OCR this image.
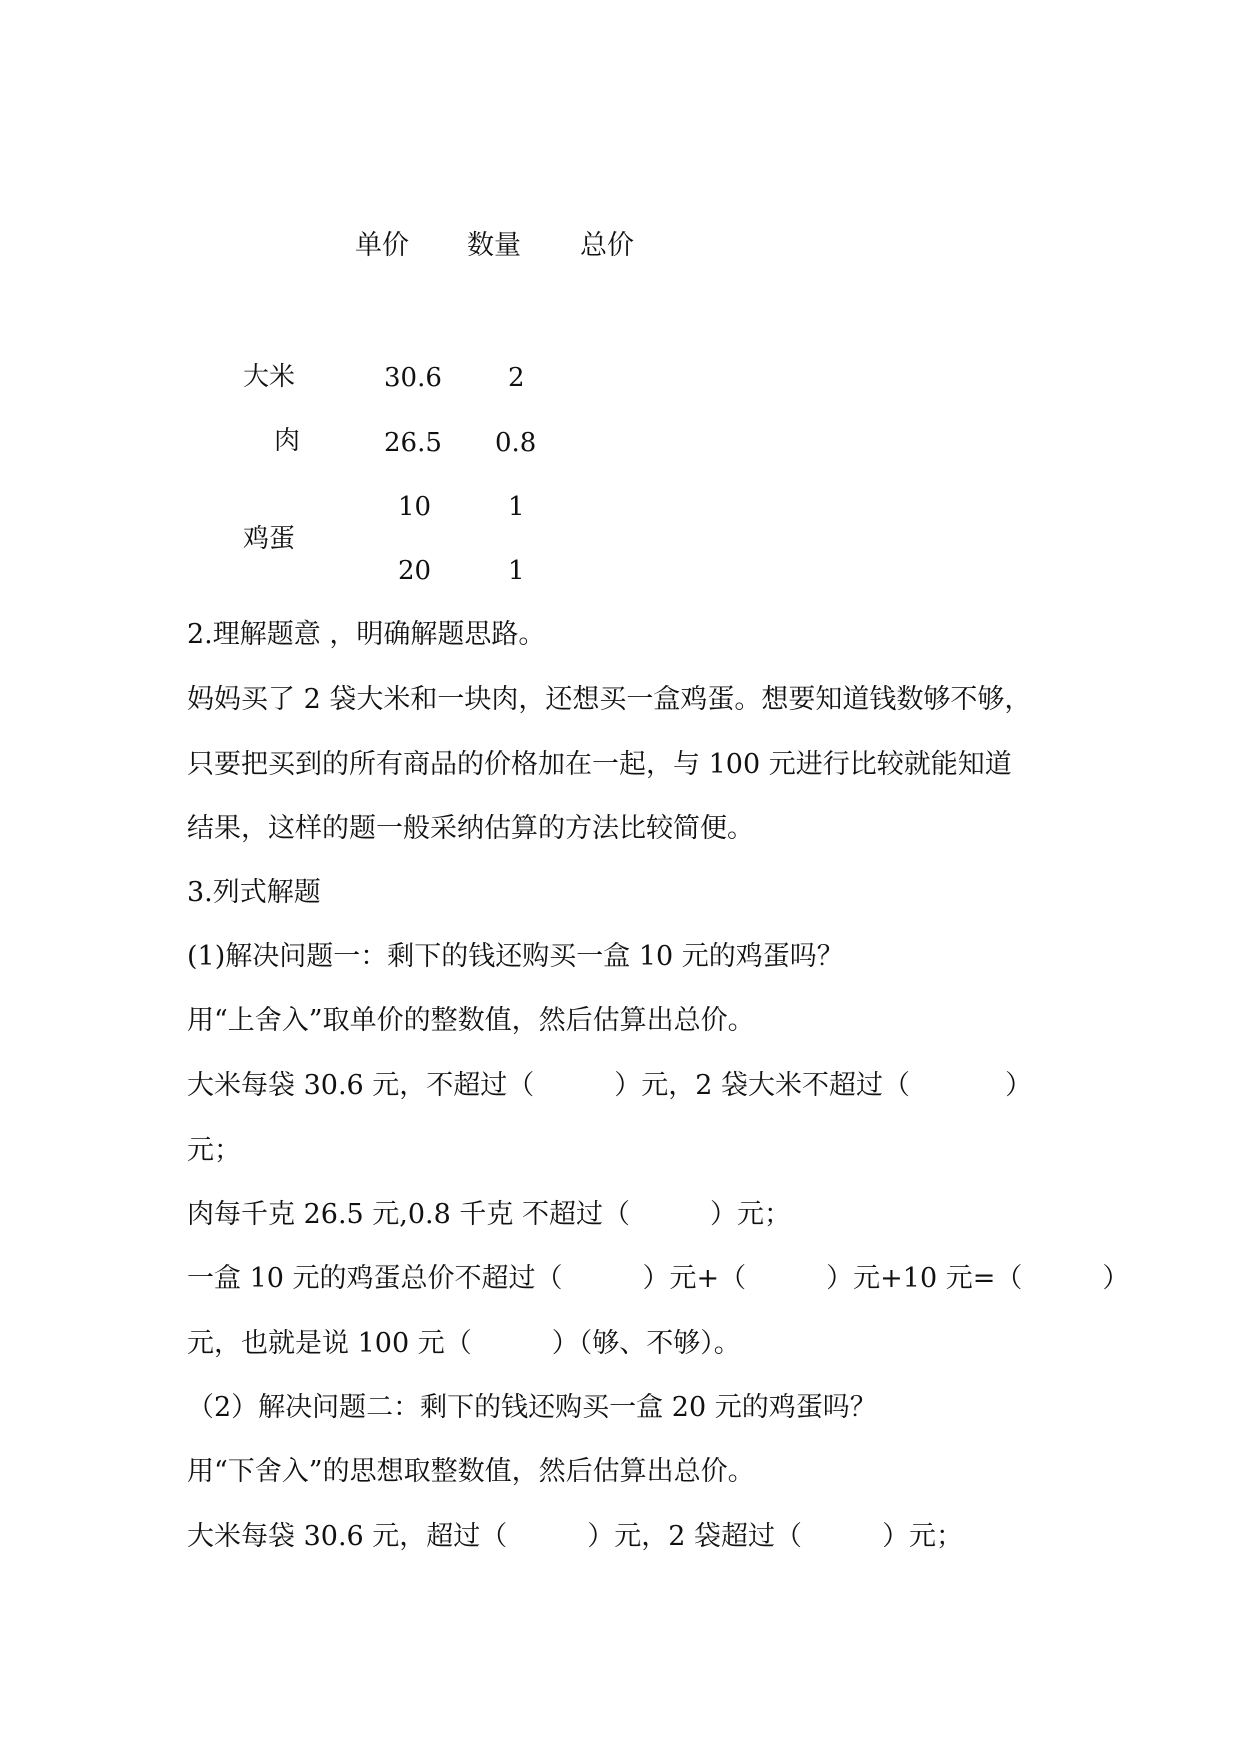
单价 数量 总价
大米	30.6	2
肉	26.5 0.8
鸡蛋
10	1
20	1
2.理解题意 ，明确解题思路。
妈妈买了 2 袋大米和一块肉，还想买一盒鸡蛋。想要知道钱数够不够，
只要把买到的所有商品的价格加在一起，与 100 元进行比较就能知道
结果，这样的题一般采纳估算的方法比较简便。
3.列式解题
(1)解决问题一：剩下的钱还购买一盒 10 元的鸡蛋吗？
用“上舍入”取单价的整数值，然后估算出总价。
大米每袋 30.6 元，不超过（	）元，2 袋大米不超过（	）
元；
肉每千克 26.5 元,0.8 千克 不超过（	）元；
一盒 10 元的鸡蛋总价不超过（	）元+（	）元+10 元=（	）
元，也就是说 100 元（	）（够、不够）。
（2）解决问题二：剩下的钱还购买一盒 20 元的鸡蛋吗？
用“下舍入”的思想取整数值，然后估算出总价。
大米每袋 30.6 元，超过（	）元，2 袋超过（	）元；
